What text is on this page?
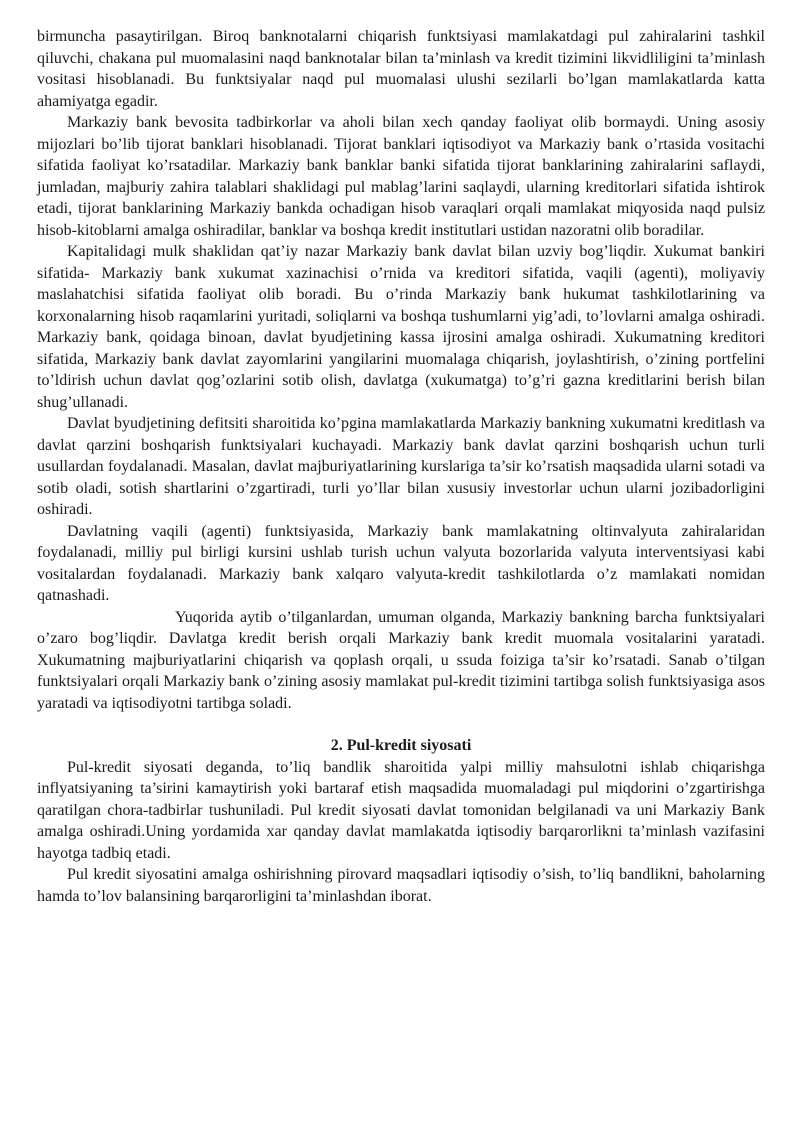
birmuncha pasaytirilgan. Biroq banknotalarni chiqarish funktsiyasi mamlakatdagi pul zahiralarini tashkil qiluvchi, chakana pul muomalasini naqd banknotalar bilan ta’minlash va kredit tizimini likvidliligini ta’minlash vositasi hisoblanadi. Bu funktsiyalar naqd pul muomalasi ulushi sezilarli bo’lgan mamlakatlarda katta ahamiyatga egadir.

Markaziy bank bevosita tadbirkorlar va aholi bilan xech qanday faoliyat olib bormaydi. Uning asosiy mijozlari bo’lib tijorat banklari hisoblanadi. Tijorat banklari iqtisodiyot va Markaziy bank o’rtasida vositachi sifatida faoliyat ko’rsatadilar. Markaziy bank banklar banki sifatida tijorat banklarining zahiralarini saflaydi, jumladan, majburiy zahira talablari shaklidagi pul mablag’larini saqlaydi, ularning kreditorlari sifatida ishtirok etadi, tijorat banklarining Markaziy bankda ochadigan hisob varaqlari orqali mamlakat miqyosida naqd pulsiz hisob-kitoblarni amalga oshiradilar, banklar va boshqa kredit institutlari ustidan nazoratni olib boradilar.

Kapitalidagi mulk shaklidan qat’iy nazar Markaziy bank davlat bilan uzviy bog’liqdir. Xukumat bankiri sifatida- Markaziy bank xukumat xazinachisi o’rnida va kreditori sifatida, vaqili (agenti), moliyaviy maslahatchisi sifatida faoliyat olib boradi. Bu o’rinda Markaziy bank hukumat tashkilotlarining va korxonalarning hisob raqamlarini yuritadi, soliqlarni va boshqa tushumlarni yig’adi, to’lovlarni amalga oshiradi. Markaziy bank, qoidaga binoan, davlat byudjetining kassa ijrosini amalga oshiradi. Xukumatning kreditori sifatida, Markaziy bank davlat zayomlarini yangilarini muomalaga chiqarish, joylashtirish, o’zining portfelini to’ldirish uchun davlat qog’ozlarini sotib olish, davlatga (xukumatga) to’g’ri gazna kreditlarini berish bilan shug’ullanadi.

Davlat byudjetining defitsiti sharoitida ko’pgina mamlakatlarda Markaziy bankning xukumatni kreditlash va davlat qarzini boshqarish funktsiyalari kuchayadi. Markaziy bank davlat qarzini boshqarish uchun turli usullardan foydalanadi. Masalan, davlat majburiyatlarining kurslariga ta’sir ko’rsatish maqsadida ularni sotadi va sotib oladi, sotish shartlarini o’zgartiradi, turli yo’llar bilan xususiy investorlar uchun ularni jozibadorligini oshiradi.

Davlatning vaqili (agenti) funktsiyasida, Markaziy bank mamlakatning oltinvalyuta zahiralaridan foydalanadi, milliy pul birligi kursini ushlab turish uchun valyuta bozorlarida valyuta interventsiyasi kabi vositalardan foydalanadi. Markaziy bank xalqaro valyuta-kredit tashkilotlarda o’z mamlakati nomidan qatnashadi.

Yuqorida aytib o’tilganlardan, umuman olganda, Markaziy bankning barcha funktsiyalari o’zaro bog’liqdir. Davlatga kredit berish orqali Markaziy bank kredit muomala vositalarini yaratadi. Xukumatning majburiyatlarini chiqarish va qoplash orqali, u ssuda foiziga ta’sir ko’rsatadi. Sanab o’tilgan funktsiyalari orqali Markaziy bank o’zining asosiy mamlakat pul-kredit tizimini tartibga solish funktsiyasiga asos yaratadi va iqtisodiyotni tartibga soladi.

2. Pul-kredit siyosati

Pul-kredit siyosati deganda, to’liq bandlik sharoitida yalpi milliy mahsulotni ishlab chiqarishga inflyatsiyaning ta’sirini kamaytirish yoki bartaraf etish maqsadida muomaladagi pul miqdorini o’zgartirishga qaratilgan chora-tadbirlar tushuniladi. Pul kredit siyosati davlat tomonidan belgilanadi va uni Markaziy Bank amalga oshiradi.Uning yordamida xar qanday davlat mamlakatda iqtisodiy barqarorlikni ta’minlash vazifasini hayotga tadbiq etadi.

Pul kredit siyosatini amalga oshirishning pirovard maqsadlari iqtisodiy o’sish, to’liq bandlikni, baholarning hamda to’lov balansining barqarorligini ta’minlashdan iborat.
